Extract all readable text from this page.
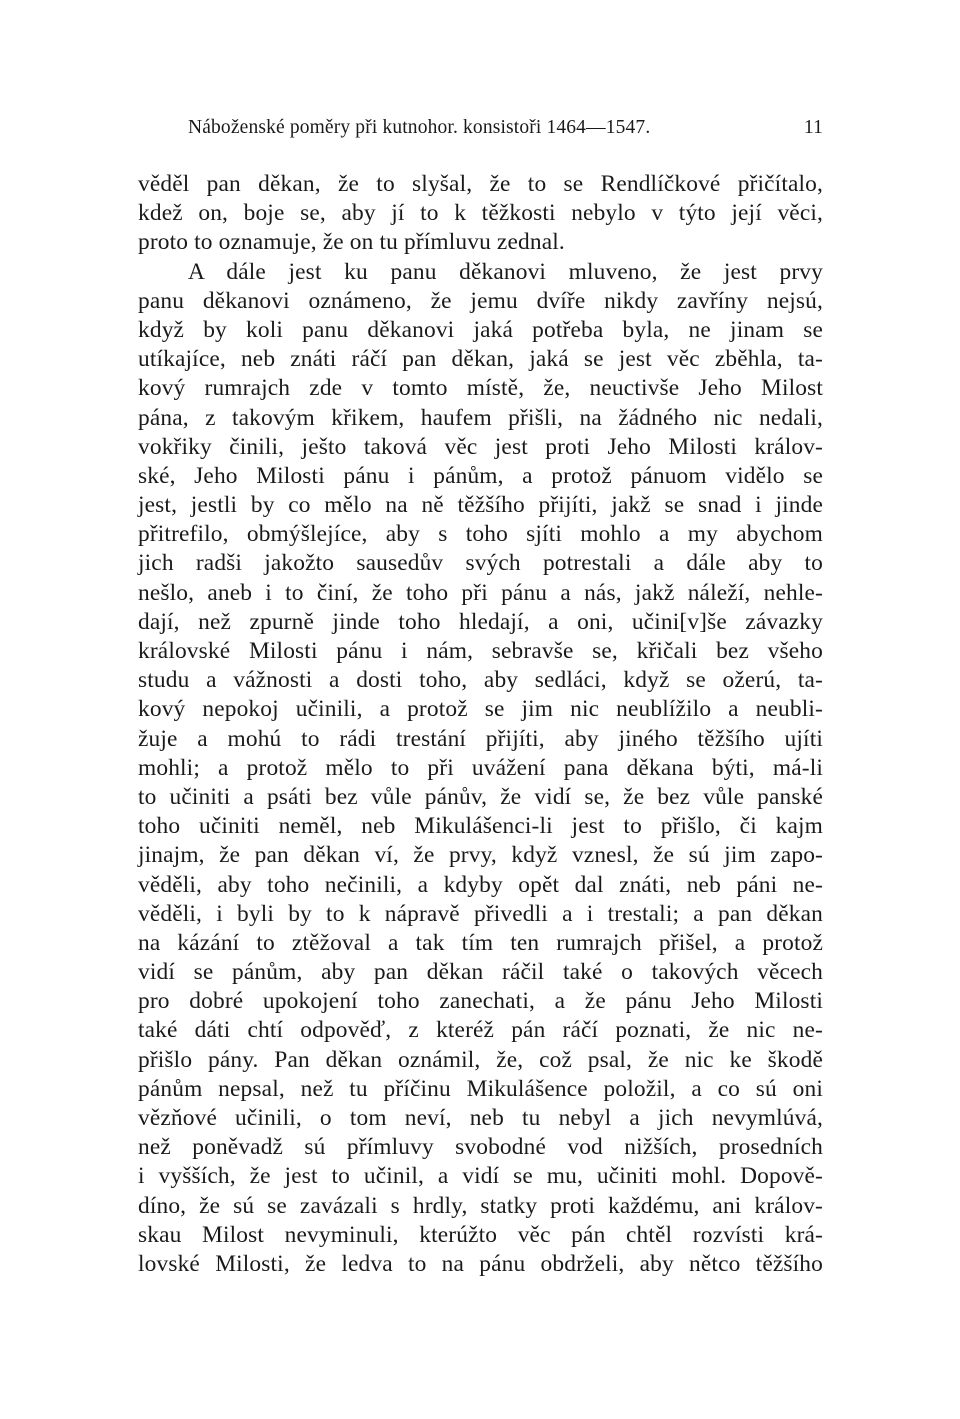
Náboženské poměry při kutnohor. konsistoři 1464—1547.	11
věděl pan děkan, že to slyšal, že to se Rendlíčkové přičítalo,
kdež on, boje se, aby jí to k těžkosti nebylo v týto její věci,
proto to oznamuje, že on tu přímluvu zednal.
A dále jest ku panu děkanovi mluveno, že jest prvy
panu děkanovi oznámeno, že jemu dvíře nikdy zavříny nejsú,
když by koli panu děkanovi jaká potřeba byla, ne jinam se
utíkajíce, neb znáti ráčí pan děkan, jaká se jest věc zběhla, ta-
kový rumrajch zde v tomto místě, že, neuctivše Jeho Milost
pána, z takovým křikem, haufem přišli, na žádného nic nedali,
vokřiky činili, ješto taková věc jest proti Jeho Milosti králov-
ské, Jeho Milosti pánu i pánům, a protož pánuom vidělo se
jest, jestli by co mělo na ně těžšího přijíti, jakž se snad i jinde
přitrefilo, obmýšlejíce, aby s toho sjíti mohlo a my abychom
jich radši jakožto sausedův svých potrestali a dále aby to
nešlo, aneb i to činí, že toho při pánu a nás, jakž náleží, nehle-
dají, než zpurně jinde toho hledají, a oni, učini[v]še závazky
královské Milosti pánu i nám, sebravše se, křičali bez všeho
studu a vážnosti a dosti toho, aby sedláci, když se ožerú, ta-
kový nepokoj učinili, a protož se jim nic neublížilo a neubli-
žuje a mohú to rádi trestání přijíti, aby jiného těžšího ujíti
mohli; a protož mělo to při uvážení pana děkana býti, má-li
to učiniti a psáti bez vůle pánův, že vidí se, že bez vůle panské
toho učiniti neměl, neb Mikulášenci-li jest to přišlo, či kajm
jinajm, že pan děkan ví, že prvy, když vznesl, že sú jim zapo-
věděli, aby toho nečinili, a kdyby opět dal znáti, neb páni ne-
věděli, i byli by to k nápravě přivedli a i trestali; a pan děkan
na kázání to ztěžoval a tak tím ten rumrajch přišel, a protož
vidí se pánům, aby pan děkan ráčil také o takových věcech
pro dobré upokojení toho zanechati, a že pánu Jeho Milosti
také dáti chtí odpověď, z kteréž pán ráčí poznati, že nic ne-
přišlo pány. Pan děkan oznámil, že, což psal, že nic ke škodě
pánům nepsal, než tu příčinu Mikulášence položil, a co sú oni
vězňové učinili, o tom neví, neb tu nebyl a jich nevymlúvá,
než poněvadž sú přímluvy svobodné vod nižších, prosedních
i vyšších, že jest to učinil, a vidí se mu, učiniti mohl. Dopově-
díno, že sú se zavázali s hrdly, statky proti každému, ani králov-
skau Milost nevyminuli, kterúžto věc pán chtěl rozvísti krá-
lovské Milosti, že ledva to na pánu obdrželi, aby nětco těžšího
